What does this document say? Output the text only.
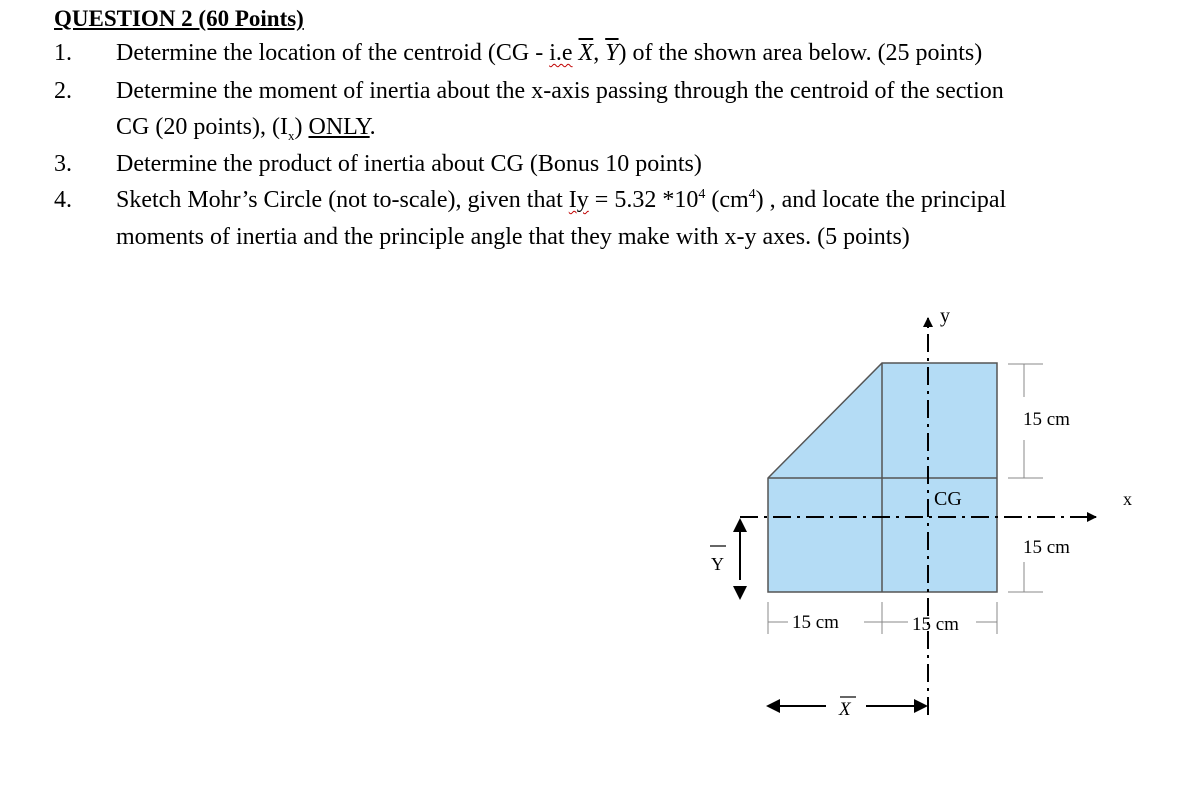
QUESTION 2 (60 Points)
1. Determine the location of the centroid (CG - i.e $\overline{X}$, $\overline{Y}$) of the shown area below. (25 points)
2. Determine the moment of inertia about the x-axis passing through the centroid of the section
CG (20 points), $(I_x)$ ONLY.
3. Determine the product of inertia about CG (Bonus 10 points)
4. Sketch Mohr’s Circle (not to-scale), given that Iy = 5.32 $*10^4$ $(cm^4)$ , and locate the principal
moments of inertia and the principle angle that they make with x-y axes. (5 points)
y
x
CG
15 cm
15 cm
15 cm	15 cm
Y
X
